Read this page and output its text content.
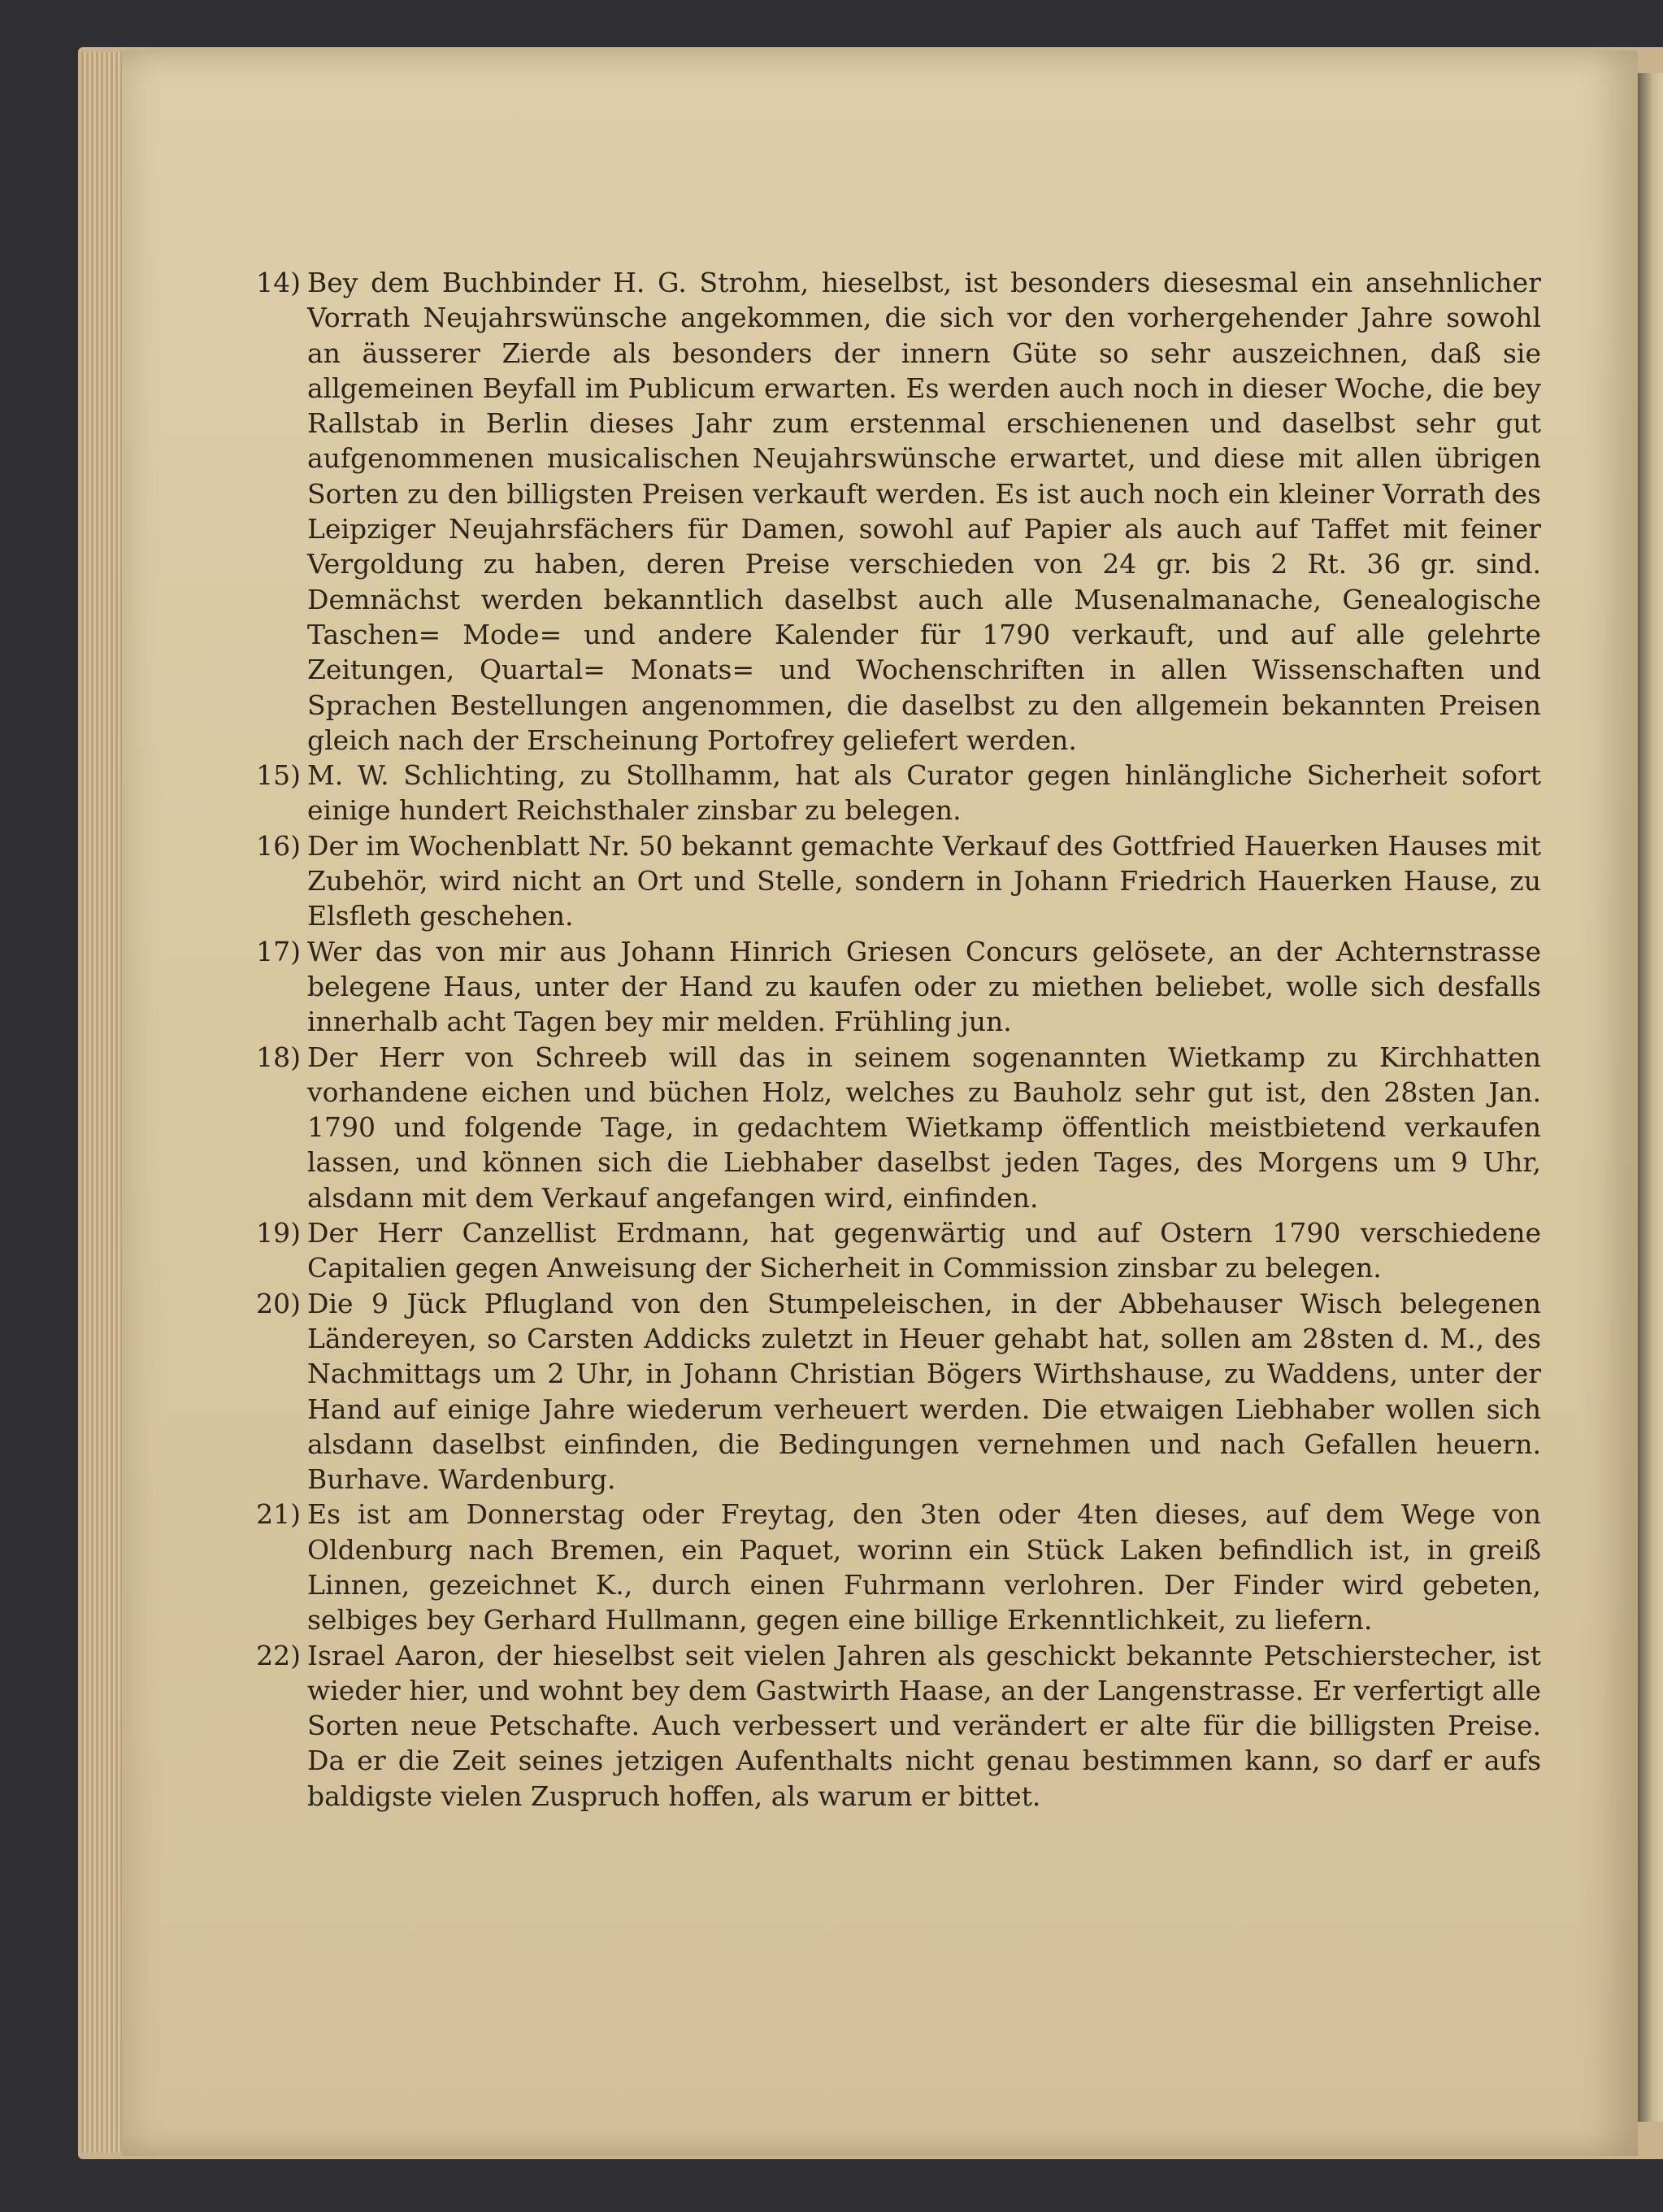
14) Bey dem Buchbinder H. G. Strohm, hieselbst, ist besonders diesesmal ein ansehnlicher Vorrath Neujahrswünsche angekommen, die sich vor den vorhergehender Jahre sowohl an äusserer Zierde als besonders der innern Güte so sehr auszeichnen, daß sie allgemeinen Beyfall im Publicum erwarten. Es werden auch noch in dieser Woche, die bey Rallstab in Berlin dieses Jahr zum erstenmal erschienenen und daselbst sehr gut aufgenommenen musicalischen Neujahrswünsche erwartet, und diese mit allen übrigen Sorten zu den billigsten Preisen verkauft werden. Es ist auch noch ein kleiner Vorrath des Leipziger Neujahrsfächers für Damen, sowohl auf Papier als auch auf Taffet mit feiner Vergoldung zu haben, deren Preise verschieden von 24 gr. bis 2 Rt. 36 gr. sind. Demnächst werden bekanntlich daselbst auch alle Musenalmanache, Genealogische Taschen= Mode= und andere Kalender für 1790 verkauft, und auf alle gelehrte Zeitungen, Quartal= Monats= und Wochenschriften in allen Wissenschaften und Sprachen Bestellungen angenommen, die daselbst zu den allgemein bekannten Preisen gleich nach der Erscheinung Portofrey geliefert werden.
15) M. W. Schlichting, zu Stollhamm, hat als Curator gegen hinlängliche Sicherheit sofort einige hundert Reichsthaler zinsbar zu belegen.
16) Der im Wochenblatt Nr. 50 bekannt gemachte Verkauf des Gottfried Hauerken Hauses mit Zubehör, wird nicht an Ort und Stelle, sondern in Johann Friedrich Hauerken Hause, zu Elsfleth geschehen.
17) Wer das von mir aus Johann Hinrich Griesen Concurs gelösete, an der Achternstrasse belegene Haus, unter der Hand zu kaufen oder zu miethen beliebet, wolle sich desfalls innerhalb acht Tagen bey mir melden. Frühling jun.
18) Der Herr von Schreeb will das in seinem sogenannten Wietkamp zu Kirchhatten vorhandene eichen und büchen Holz, welches zu Bauholz sehr gut ist, den 28sten Jan. 1790 und folgende Tage, in gedachtem Wietkamp öffentlich meistbietend verkaufen lassen, und können sich die Liebhaber daselbst jeden Tages, des Morgens um 9 Uhr, alsdann mit dem Verkauf angefangen wird, einfinden.
19) Der Herr Canzellist Erdmann, hat gegenwärtig und auf Ostern 1790 verschiedene Capitalien gegen Anweisung der Sicherheit in Commission zinsbar zu belegen.
20) Die 9 Jück Pflugland von den Stumpeleischen, in der Abbehauser Wisch belegenen Ländereyen, so Carsten Addicks zuletzt in Heuer gehabt hat, sollen am 28sten d. M., des Nachmittags um 2 Uhr, in Johann Christian Bögers Wirthshause, zu Waddens, unter der Hand auf einige Jahre wiederum verheuert werden. Die etwaigen Liebhaber wollen sich alsdann daselbst einfinden, die Bedingungen vernehmen und nach Gefallen heuern. Burhave. Wardenburg.
21) Es ist am Donnerstag oder Freytag, den 3ten oder 4ten dieses, auf dem Wege von Oldenburg nach Bremen, ein Paquet, worinn ein Stück Laken befindlich ist, in greiß Linnen, gezeichnet K., durch einen Fuhrmann verlohren. Der Finder wird gebeten, selbiges bey Gerhard Hullmann, gegen eine billige Erkenntlichkeit, zu liefern.
22) Israel Aaron, der hieselbst seit vielen Jahren als geschickt bekannte Petschierstecher, ist wieder hier, und wohnt bey dem Gastwirth Haase, an der Langenstrasse. Er verfertigt alle Sorten neue Petschafte. Auch verbessert und verändert er alte für die billigsten Preise. Da er die Zeit seines jetzigen Aufenthalts nicht genau bestimmen kann, so darf er aufs baldigste vielen Zuspruch hoffen, als warum er bittet.
